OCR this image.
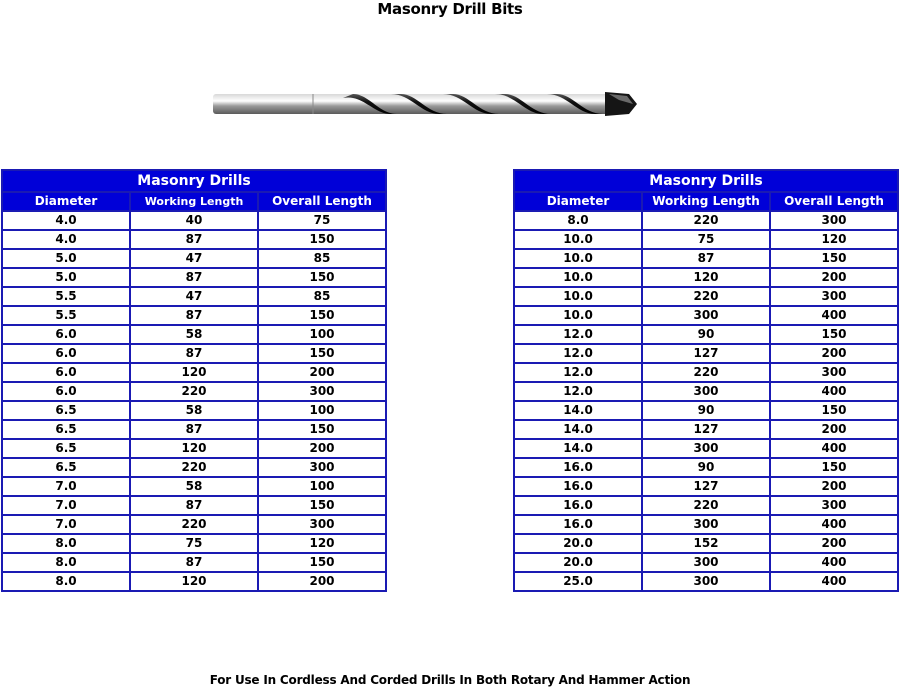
Masonry Drill Bits
Masonry Drills		
Diameter	Working Length	Overall Length
4.0	40	75
4.0	87	150
5.0	47	85
5.0	87	150
5.5	47	85
5.5	87	150
6.0	58	100
6.0	87	150
6.0	120	200
6.0	220	300
6.5	58	100
6.5	87	150
6.5	120	200
6.5	220	300
7.0	58	100
7.0	87	150
7.0	220	300
8.0	75	120
8.0	87	150
8.0	120	200
Masonry Drills		
Diameter	Working Length	Overall Length
8.0	220	300
10.0	75	120
10.0	87	150
10.0	120	200
10.0	220	300
10.0	300	400
12.0	90	150
12.0	127	200
12.0	220	300
12.0	300	400
14.0	90	150
14.0	127	200
14.0	300	400
16.0	90	150
16.0	127	200
16.0	220	300
16.0	300	400
20.0	152	200
20.0	300	400
25.0	300	400
For Use In Cordless And Corded Drills In Both Rotary And Hammer Action
